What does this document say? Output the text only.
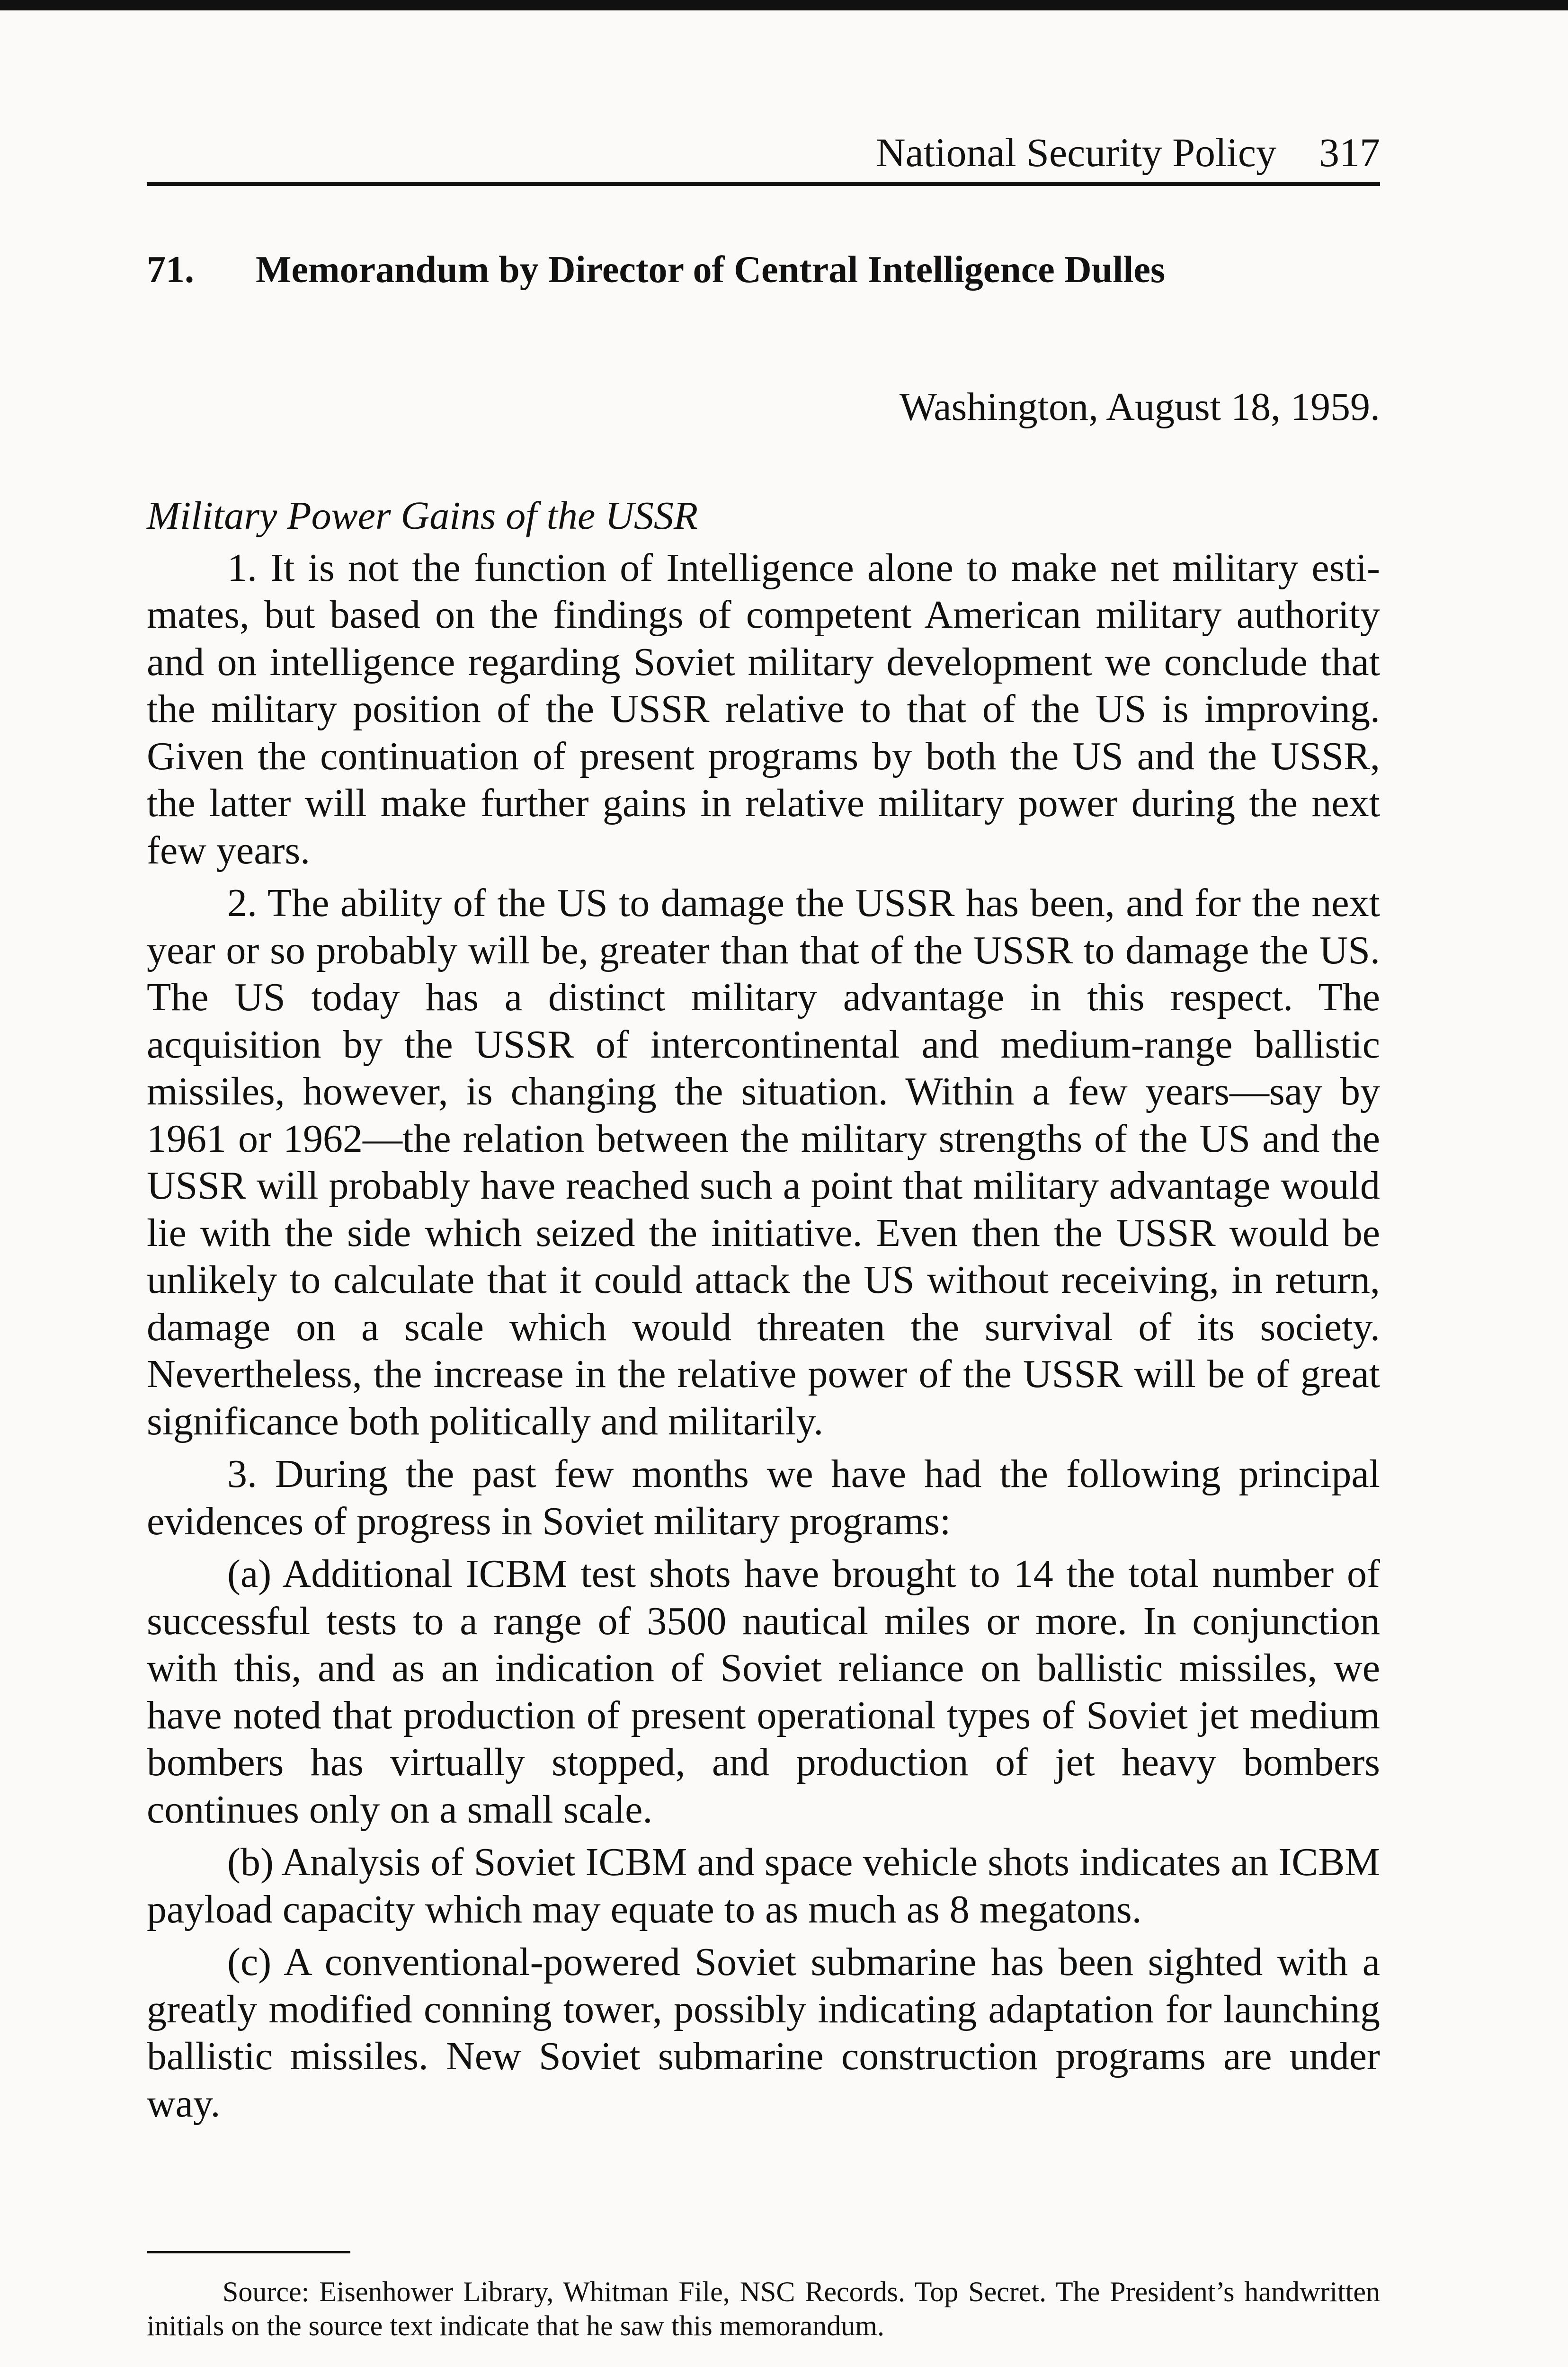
National Security Policy 317
71. Memorandum by Director of Central Intelligence Dulles
Washington, August 18, 1959.

Military Power Gains of the USSR

1. It is not the function of Intelligence alone to make net military estimates, but based on the findings of competent American military authority and on intelligence regarding Soviet military development we conclude that the military position of the USSR relative to that of the US is improving. Given the continuation of present programs by both the US and the USSR, the latter will make further gains in relative military power during the next few years.

2. The ability of the US to damage the USSR has been, and for the next year or so probably will be, greater than that of the USSR to damage the US. The US today has a distinct military advantage in this respect. The acquisition by the USSR of intercontinental and medium-range ballistic missiles, however, is changing the situation. Within a few years—say by 1961 or 1962—the relation between the military strengths of the US and the USSR will probably have reached such a point that military advantage would lie with the side which seized the initiative. Even then the USSR would be unlikely to calculate that it could attack the US without receiving, in return, damage on a scale which would threaten the survival of its society. Nevertheless, the increase in the relative power of the USSR will be of great significance both politically and militarily.

3. During the past few months we have had the following principal evidences of progress in Soviet military programs:

(a) Additional ICBM test shots have brought to 14 the total number of successful tests to a range of 3500 nautical miles or more. In conjunction with this, and as an indication of Soviet reliance on ballistic missiles, we have noted that production of present operational types of Soviet jet medium bombers has virtually stopped, and production of jet heavy bombers continues only on a small scale.

(b) Analysis of Soviet ICBM and space vehicle shots indicates an ICBM payload capacity which may equate to as much as 8 megatons.

(c) A conventional-powered Soviet submarine has been sighted with a greatly modified conning tower, possibly indicating adaptation for launching ballistic missiles. New Soviet submarine construction programs are under way.

Source: Eisenhower Library, Whitman File, NSC Records. Top Secret. The President’s handwritten initials on the source text indicate that he saw this memorandum.
